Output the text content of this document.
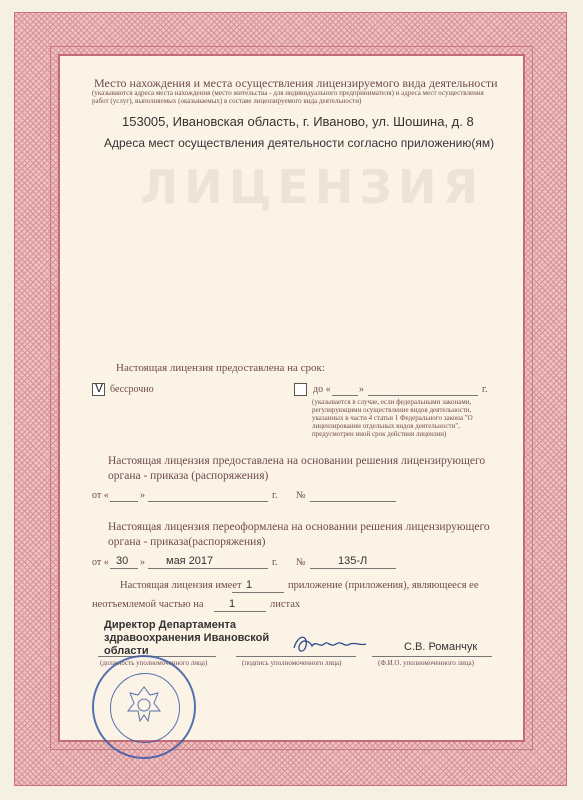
ЛИЦЕНЗИЯ
Место нахождения и места осуществления лицензируемого вида деятельности
(указываются адреса места нахождения (место жительства - для индивидуального предпринимателя) и адреса мест осуществления работ (услуг), выполняемых (оказываемых) в составе лицензируемого вида деятельности)
153005, Ивановская область, г. Иваново, ул. Шошина, д. 8
Адреса мест осуществления деятельности согласно приложению(ям)
Настоящая лицензия предоставлена на срок:
V бессрочно	до «	»	г.
(указывается в случае, если федеральными законами, регулирующими осуществление видов деятельности, указанных в части 4 статьи 1 Федерального закона "О лицензировании отдельных видов деятельности", предусмотрен иной срок действия лицензии)
Настоящая лицензия предоставлена на основании решения лицензирующего органа - приказа (распоряжения)
от «	»	г. №
Настоящая лицензия переоформлена на основании решения лицензирующего органа - приказа(распоряжения)
от « 30 » мая 2017	г. №	135-Л
Настоящая лицензия имеет 1	приложение (приложения), являющееся ее
неотъемлемой частью на 1	листах
Директор Департамента здравоохранения Ивановской области
(должность уполномоченного лица)	(подпись уполномоченного лица)
С.В. Романчук
(Ф.И.О. уполномоченного лица)
